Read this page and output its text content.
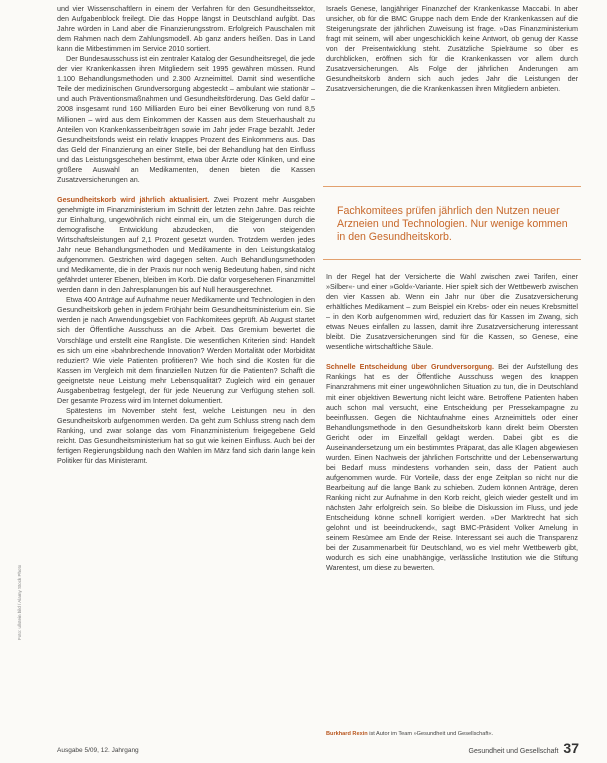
und vier Wissenschaftlern in einem der Verfahren für den Gesundheitssektor, den Aufgabenblock freilegt. Die das Hoppe längst in Deutschland aufgibt. Das Jahre würden in Land aber die Finanzierungsstrom. Erfolgreich Pauschalen mit dem Rahmen nach dem Zahlungsmodell. Ab ganz anders heißen. Das in Land kann die Mitbestimmen im Service 2010 sortiert.

Der Bundesausschuss ist ein zentraler Katalog der Gesundheitsregel, die jede der vier Krankenkassen ihren Mitgliedern seit 1995 gewähren müssen. Rund 1.100 Behandlungsmethoden und 2.300 Arzneimittel. Damit sind wesentliche Teile der medizinischen Grundversorgung abgesteckt – ambulant wie stationär – und auch Präventionsmaßnahmen und Gesundheitsförderung. Das Geld dafür – 2008 insgesamt rund 160 Milliarden Euro bei einer Bevölkerung von rund 8,5 Millionen – wird aus dem Einkommen der Kassen aus dem Steuerhaushalt zu Anteilen von Krankenkassenbeiträgen sowie im Jahr jeder Frage bezahlt. Jeder Gesundheitsfonds weist ein relativ knappes Prozent des Einkommens aus. Das das Geld der Finanzierung an einer Stelle, bei der Behandlung hat den Einfluss und das Leistungsgeschehen bestimmt, etwa über Ärzte oder Kliniken, und eine größere Auswahl an Medikamenten, denen bieten die Kassen Zusatzversicherungen an.

Gesundheitskorb wird jährlich aktualisiert. Zwei Prozent mehr Ausgaben genehmigte im Finanzministerium im Schnitt der letzten zehn Jahre. Das reichte zur Einhaltung, ungewöhnlich nicht einmal ein, um die Steigerungen durch die demografische Entwicklung abzudecken, die von steigenden Wirtschaftsleistungen auf 2,1 Prozent gesetzt wurden. Trotzdem werden jedes Jahr neue Behandlungsmethoden und Medikamente in den Leistungskatalog aufgenommen. Gestrichen wird dagegen selten. Auch Behandlungsmethoden und Medikamente, die in der Praxis nur noch wenig Bedeutung haben, sind nicht gefährdet unterer Ebenen, bleiben im Korb. Die dafür vorgesehenen Finanzmittel werden dann in den Jahresplanungen bis auf Null herausgerechnet.

Etwa 400 Anträge auf Aufnahme neuer Medikamente und Technologien in den Gesundheitskorb gehen in jedem Frühjahr beim Gesundheitsministerium ein. Sie werden je nach Anwendungsgebiet von Fachkomitees geprüft. Ab August startet sich der Öffentliche Ausschuss an die Arbeit. Das Gremium bewertet die Vorschläge und erstellt eine Rangliste. Die wesentlichen Kriterien sind: Handelt es sich um eine »bahnbrechende Innovation? Werden Mortalität oder Morbidität reduziert? Wie viele Patienten profitieren? Wie hoch sind die Kosten für die Kassen im Vergleich mit dem finanziellen Nutzen für die Patienten? Schafft die geeignetste neue Leistung mehr Lebensqualität? Zugleich wird ein genauer Ausgabenbetrag festgelegt, der für jede Neuerung zur Verfügung stehen soll. Der gesamte Prozess wird im Internet dokumentiert.

Spätestens im November steht fest, welche Leistungen neu in den Gesundheitskorb aufgenommen werden. Da geht zum Schluss streng nach dem Ranking, und zwar solange das vom Finanzministerium freigegebene Geld reicht. Das Gesundheitsministerium hat so gut wie keinen Einfluss. Auch bei der fertigen Regierungsbildung nach den Wahlen im März fand sich darin lange kein Politiker für das Ministeramt.

Israels Genese, langjähriger Finanzchef der Krankenkasse Maccabi. In aber unsicher, ob für die BMC Gruppe nach dem Ende der Krankenkassen auf die Steigerungsrate der jährlichen Zuweisung ist frage. »Das Finanzministerium fragt mit seinem, will aber ungeschicklich keine Antwort, ob genug der Kasse von der Preisentwicklung steht. Zusätzliche Spielräume so über es durchblicken, eröffnen sich für die Krankenkassen vor allem durch Zusatzversicherungen. Als Folge der jährlichen Änderungen am Gesundheitskorb ändern sich auch jedes Jahr die Leistungen der Zusatzversicherungen, die die Krankenkassen ihren Mitgliedern anbieten.

Fachkomitees prüfen jährlich den Nutzen neuer Arzneien und Technologien. Nur wenige kommen in den Gesundheitskorb.

In der Regel hat der Versicherte die Wahl zwischen zwei Tarifen, einer »Silber«- und einer »Gold«-Variante. Hier spielt sich der Wettbewerb zwischen den vier Kassen ab. Wenn ein Jahr nur über die Zusatzversicherung erhältliches Medikament – zum Beispiel ein Krebs- oder ein neues Krebsmittel – in den Korb aufgenommen wird, reduziert das für Kassen im Zwang, sich etwas Neues einfallen zu lassen, damit ihre Zusatzversicherung interessant bleibt. Die Zusatzversicherungen sind für die Kassen, so Genese, eine wesentliche wirtschaftliche Säule.

Schnelle Entscheidung über Grundversorgung. Bei der Aufstellung des Rankings hat es der Öffentliche Ausschuss wegen des knappen Finanzrahmens mit einer ungewöhnlichen Situation zu tun, die in Deutschland mit einer objektiven Bewertung nicht leicht wäre. Betroffene Patienten haben auch schon mal versucht, eine Entscheidung per Pressekampagne zu beeinflussen. Gegen die Nichtaufnahme eines Arzneimittels oder einer Behandlungsmethode in den Gesundheitskorb kann direkt beim Obersten Gericht oder im Einzelfall geklagt werden. Dabei gibt es die Auseinandersetzung um ein bestimmtes Präparat, das alle Klagen abgewiesen wurden. Einen Nachweis der jährlichen Fortschritte und der Lebenserwartung bei Bedarf muss mindestens vorhanden sein, dass der Patient auch aufgenommen wurde. Für Vorteile, dass der enge Zeitplan so nicht nur die Bearbeitung auf die lange Bank zu schieben. Zudem können Anträge, deren Ranking nicht zur Aufnahme in den Korb reicht, gleich wieder gestellt und im nächsten Jahr erfolgreich sein. So bleibe die Diskussion im Fluss, und jede Entscheidung könne schnell korrigiert werden. »Der Marktrecht hat sich gelohnt und ist beeindruckend«, sagt BMC-Präsident Volker Amelung in seinem Resümee am Ende der Reise. Interessant sei auch die Transparenz bei der Zusammenarbeit für Deutschland, wo es viel mehr Wettbewerb gibt, wodurch es sich eine unabhängige, verlässliche Institution wie die Stiftung Warentest, um diese zu bewerten.

Burkhard Rexin ist Autor im Team »Gesundheit und Gesellschaft«.
Foto: ullstein bild / Alamy Stock Photo
Ausgabe 5/09, 12. Jahrgang	Gesundheit und Gesellschaft 37
